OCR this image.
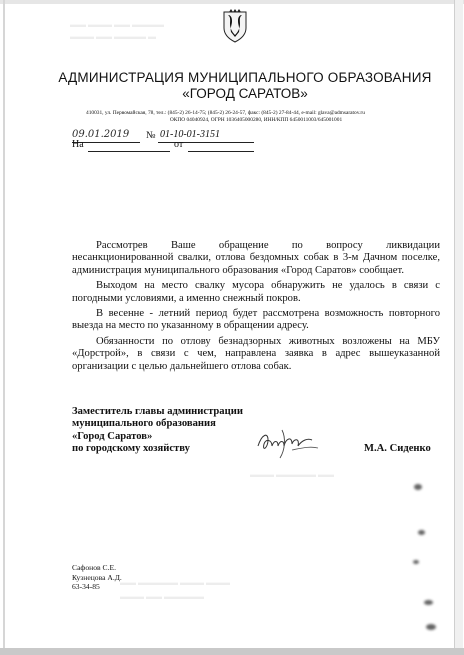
▬▬ ▬▬▬ ▬▬ ▬▬▬▬
▬▬▬ ▬▬ ▬▬▬▬ ▬
▬▬▬ ▬▬▬▬▬ ▬▬
▬▬ ▬▬▬▬▬ ▬▬▬ ▬▬▬
▬▬▬ ▬▬ ▬▬▬▬▬
АДМИНИСТРАЦИЯ МУНИЦИПАЛЬНОГО ОБРАЗОВАНИЯ
«ГОРОД САРАТОВ»
410031, ул. Первомайская, 78, тел.: (845-2) 26-14-75; (845-2) 26-24-57, факс: (845-2) 27-84-44, e-mail: glava@admsaratov.ru
ОКПО 04040924, ОГРН 1036405000280, ИНН/КПП 6450011003/645001001
09.01.2019 № 01-10-01-3151
На	от

Рассмотрев Ваше обращение по вопросу ликвидации несанкционированной свалки, отлова бездомных собак в 3-м Дачном поселке, администрация муниципального образования «Город Саратов» сообщает.

Выходом на место свалку мусора обнаружить не удалось в связи с погодными условиями, а именно снежный покров.

В весенне - летний период будет рассмотрена возможность повторного выезда на место по указанному в обращении адресу.

Обязанности по отлову безнадзорных животных возложены на МБУ «Дорстрой», в связи с чем, направлена заявка в адрес вышеуказанной организации с целью дальнейшего отлова собак.

Заместитель главы администрации
муниципального образования
«Город Саратов»
по городскому хозяйству	М.А. Сиденко
Сафонов С.Е.
Кузнецова А.Д.
63-34-85
